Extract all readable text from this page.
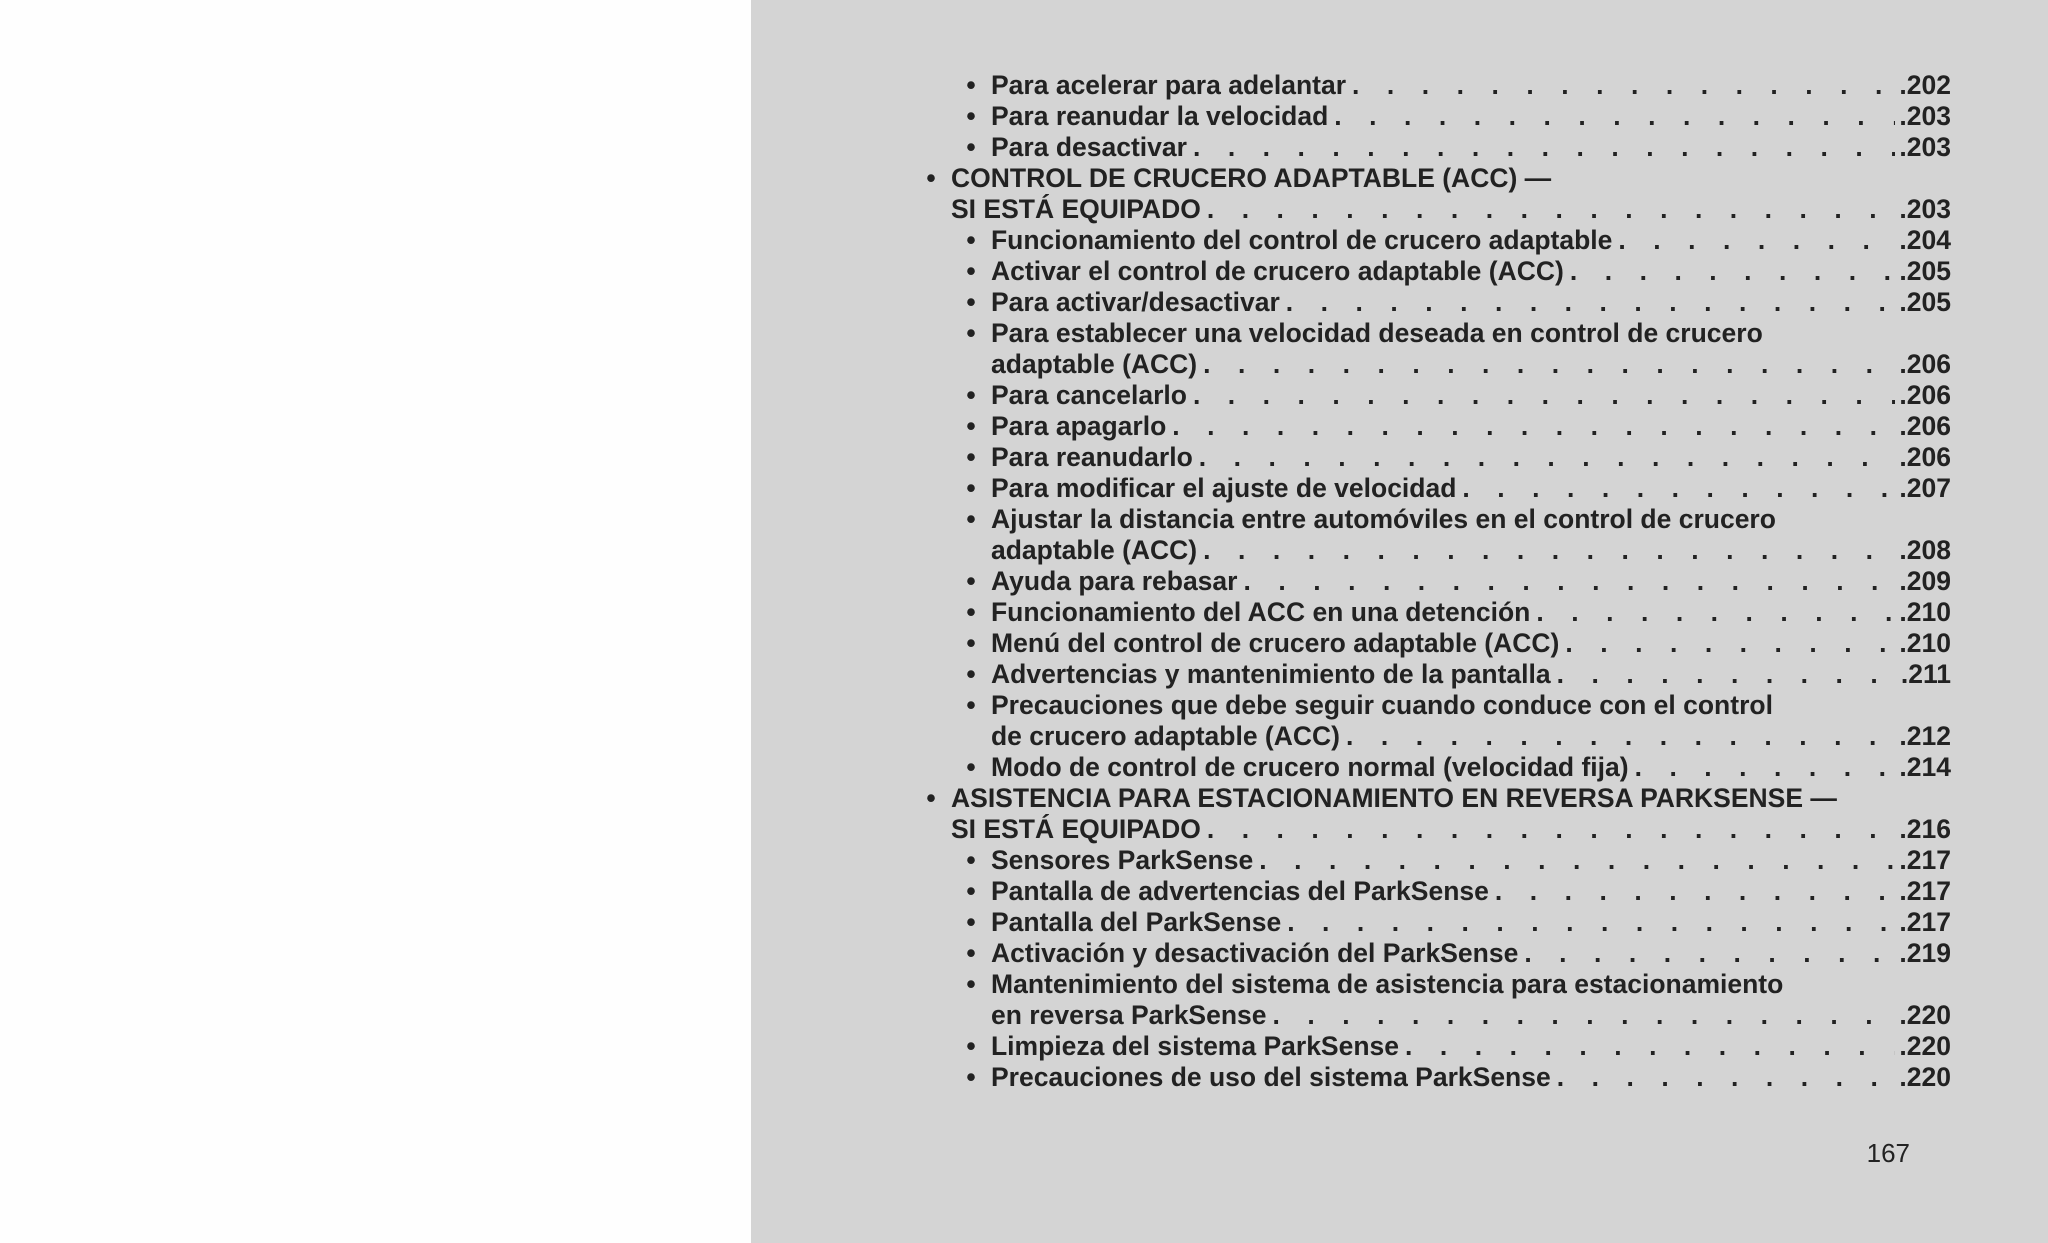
• Para acelerar para adelantar . . .	.202
• Para reanudar la velocidad . . .	.203
• Para desactivar . . .	.203
• CONTROL DE CRUCERO ADAPTABLE (ACC) —
SI ESTÁ EQUIPADO . . .	.203
• Funcionamiento del control de crucero adaptable . . .	.204
• Activar el control de crucero adaptable (ACC) . . .	.205
• Para activar/desactivar . . .	.205
• Para establecer una velocidad deseada en control de crucero
adaptable (ACC) . . .	.206
• Para cancelarlo . . .	.206
• Para apagarlo . . .	.206
• Para reanudarlo . . .	.206
• Para modificar el ajuste de velocidad . . .	.207
• Ajustar la distancia entre automóviles en el control de crucero
adaptable (ACC) . . .	.208
• Ayuda para rebasar . . .	.209
• Funcionamiento del ACC en una detención . . .	.210
• Menú del control de crucero adaptable (ACC) . . .	.210
• Advertencias y mantenimiento de la pantalla . . .	.211
• Precauciones que debe seguir cuando conduce con el control
de crucero adaptable (ACC) . . .	.212
• Modo de control de crucero normal (velocidad fija) . . .	.214
• ASISTENCIA PARA ESTACIONAMIENTO EN REVERSA PARKSENSE —
SI ESTÁ EQUIPADO . . .	.216
• Sensores ParkSense . . .	.217
• Pantalla de advertencias del ParkSense . . .	.217
• Pantalla del ParkSense . . .	.217
• Activación y desactivación del ParkSense . . .	.219
• Mantenimiento del sistema de asistencia para estacionamiento
en reversa ParkSense . . .	.220
• Limpieza del sistema ParkSense . . .	.220
• Precauciones de uso del sistema ParkSense . . .	.220
167
